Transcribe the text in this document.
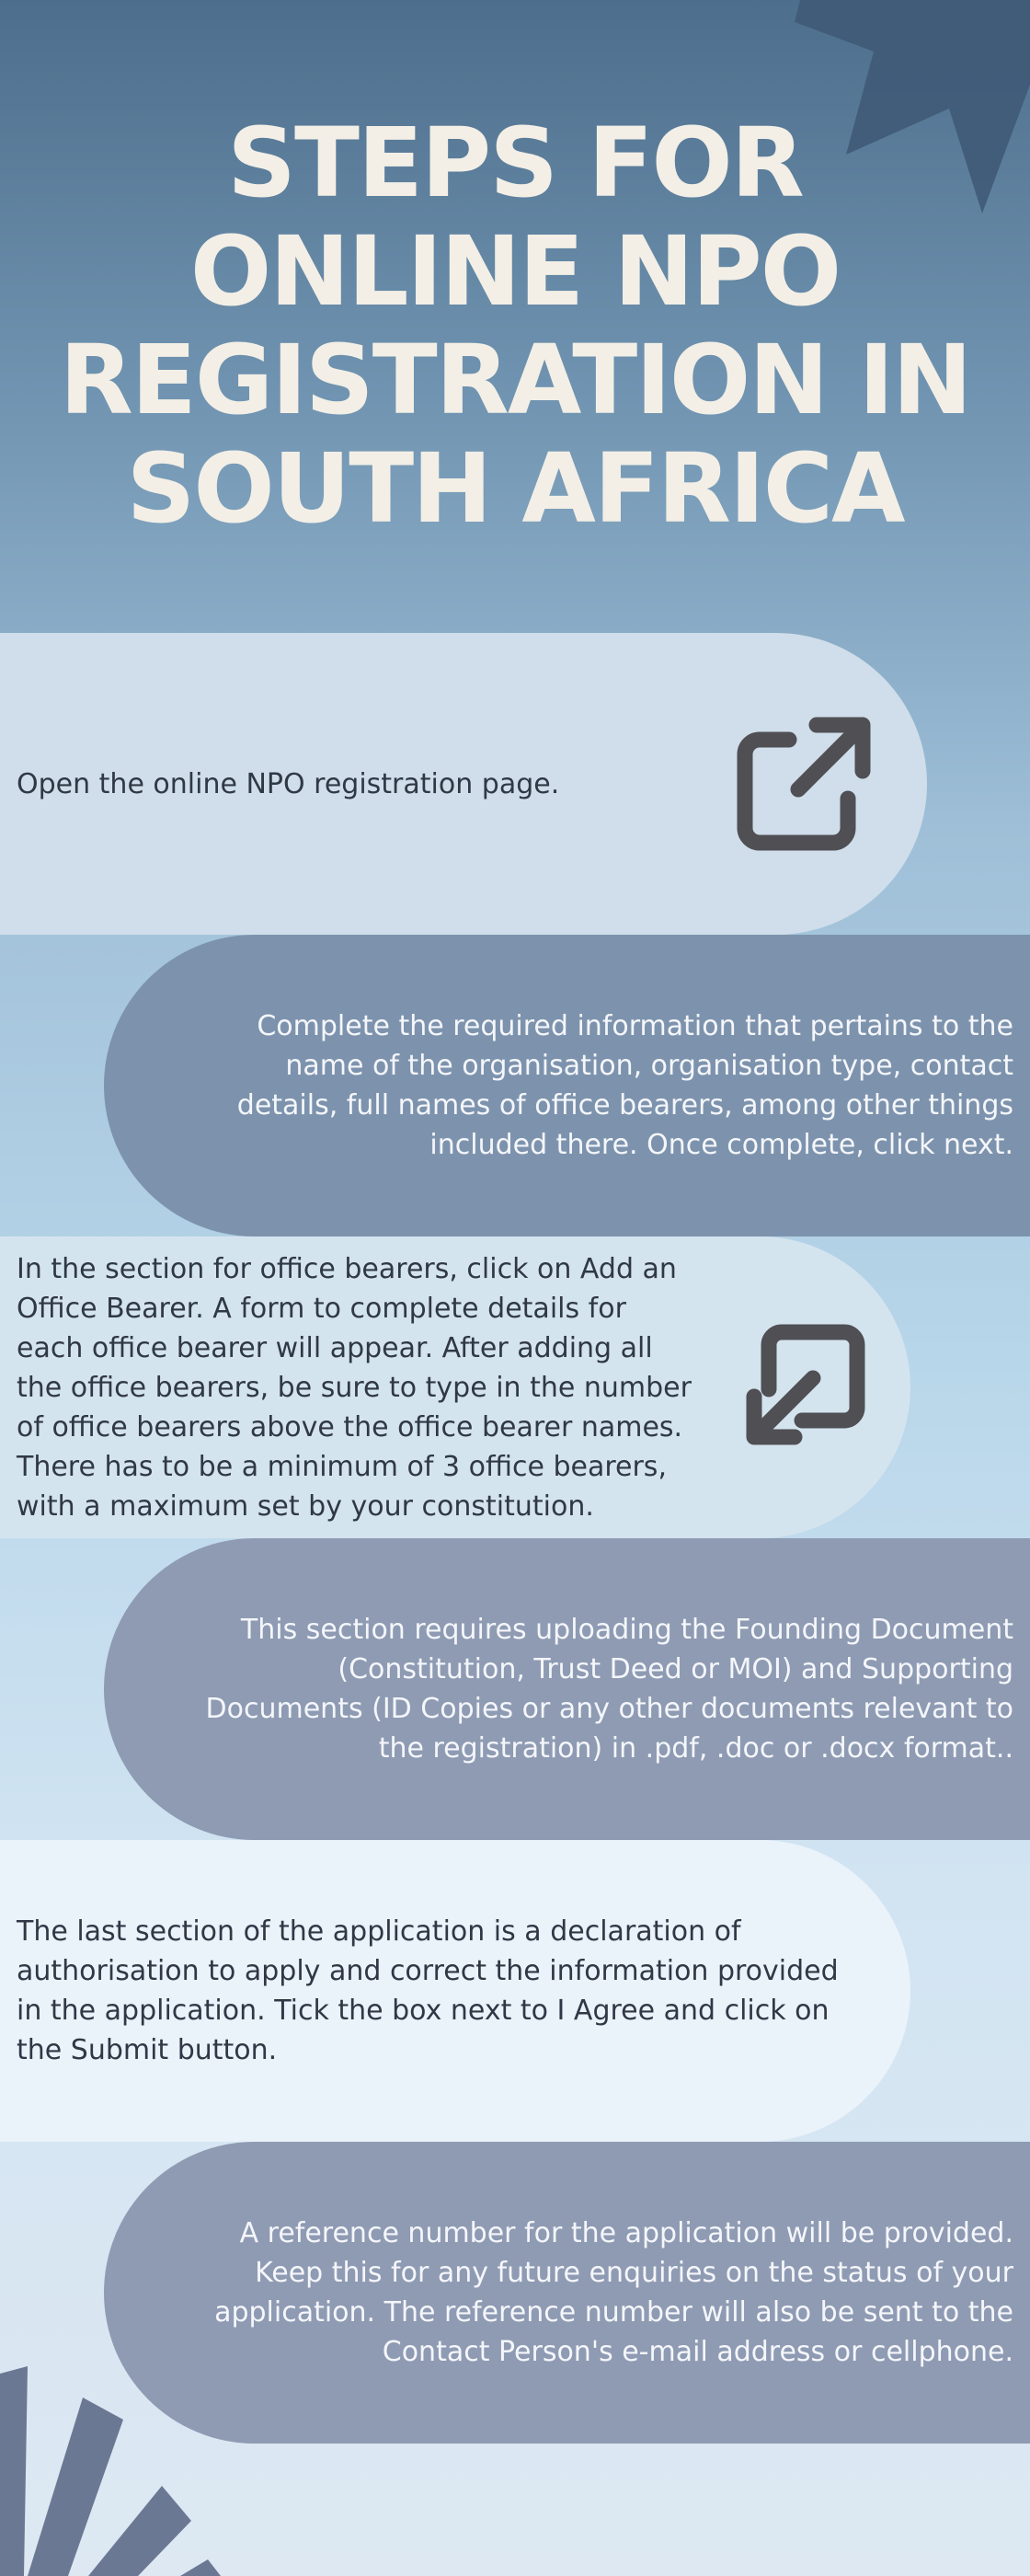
STEPS FOR
ONLINE NPO
REGISTRATION IN
SOUTH AFRICA

Open the online NPO registration page.

Complete the required information that pertains to the name of the organisation, organisation type, contact details, full names of office bearers, among other things included there. Once complete, click next.

In the section for office bearers, click on Add an Office Bearer. A form to complete details for each office bearer will appear. After adding all the office bearers, be sure to type in the number of office bearers above the office bearer names. There has to be a minimum of 3 office bearers, with a maximum set by your constitution.

This section requires uploading the Founding Document (Constitution, Trust Deed or MOI) and Supporting Documents (ID Copies or any other documents relevant to the registration) in .pdf, .doc or .docx format..

The last section of the application is a declaration of authorisation to apply and correct the information provided in the application. Tick the box next to I Agree and click on the Submit button.

A reference number for the application will be provided. Keep this for any future enquiries on the status of your application. The reference number will also be sent to the Contact Person's e-mail address or cellphone.
